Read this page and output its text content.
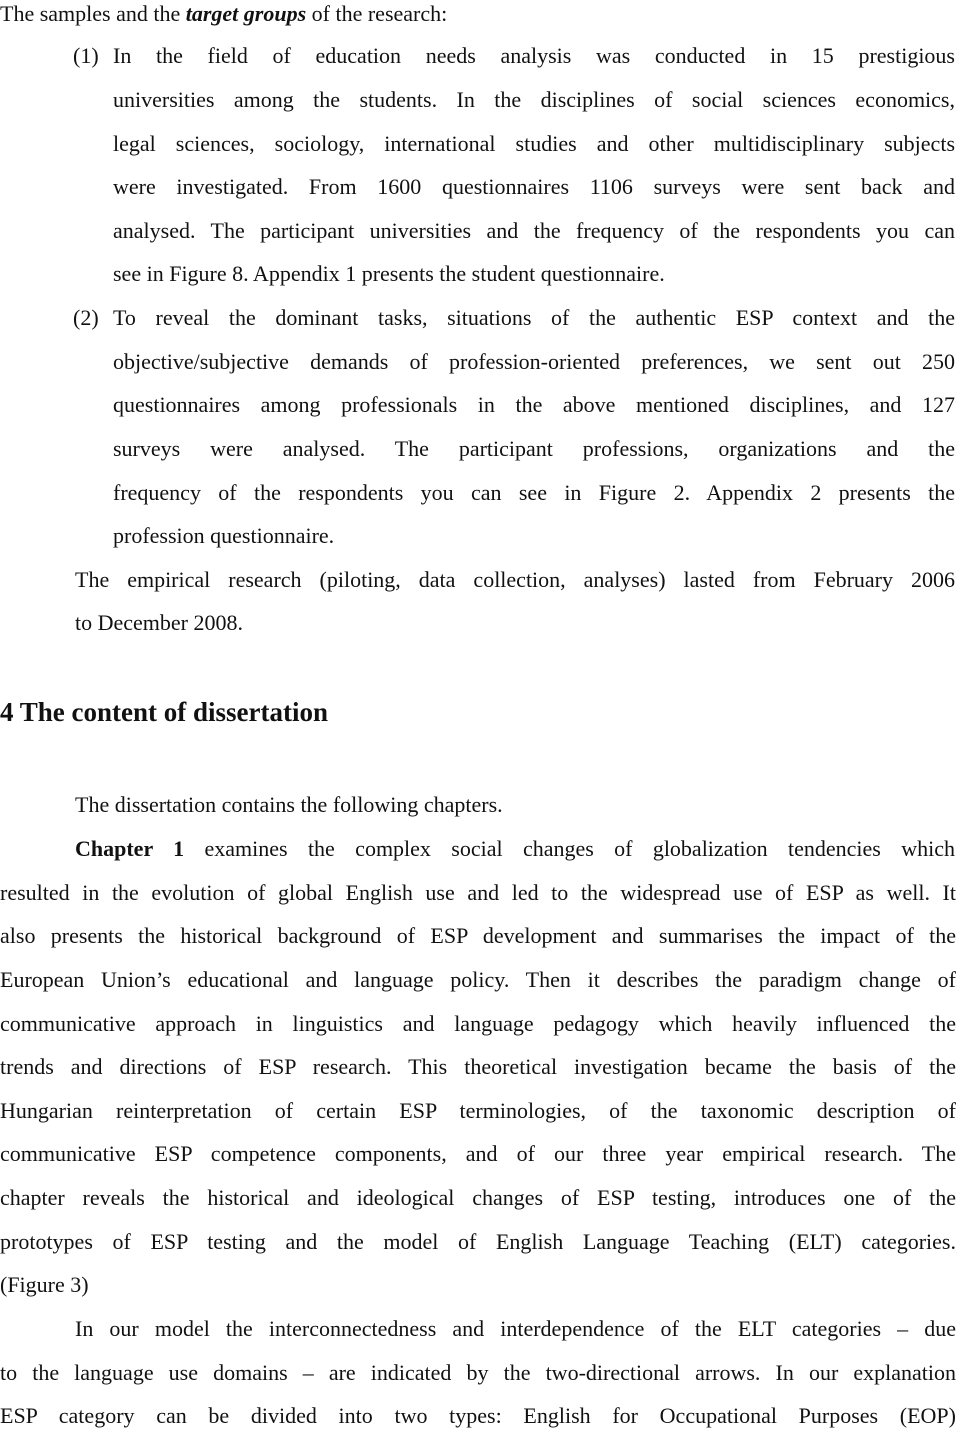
The samples and the target groups of the research:
(1) In the field of education needs analysis was conducted in 15 prestigious
universities among the students. In the disciplines of social sciences economics,
legal sciences, sociology, international studies and other multidisciplinary subjects
were investigated. From 1600 questionnaires 1106 surveys were sent back and
analysed. The participant universities and the frequency of the respondents you can
see in Figure 8. Appendix 1 presents the student questionnaire.
(2) To reveal the dominant tasks, situations of the authentic ESP context and the
objective/subjective demands of profession-oriented preferences, we sent out 250
questionnaires among professionals in the above mentioned disciplines, and 127
surveys were analysed. The participant professions, organizations and the
frequency of the respondents you can see in Figure 2. Appendix 2 presents the
profession questionnaire.
The empirical research (piloting, data collection, analyses) lasted from February 2006
to December 2008.
4 The content of dissertation
The dissertation contains the following chapters.
Chapter 1 examines the complex social changes of globalization tendencies which
resulted in the evolution of global English use and led to the widespread use of ESP as well. It
also presents the historical background of ESP development and summarises the impact of the
European Union’s educational and language policy. Then it describes the paradigm change of
communicative approach in linguistics and language pedagogy which heavily influenced the
trends and directions of ESP research. This theoretical investigation became the basis of the
Hungarian reinterpretation of certain ESP terminologies, of the taxonomic description of
communicative ESP competence components, and of our three year empirical research. The
chapter reveals the historical and ideological changes of ESP testing, introduces one of the
prototypes of ESP testing and the model of English Language Teaching (ELT) categories.
(Figure 3)
In our model the interconnectedness and interdependence of the ELT categories – due
to the language use domains – are indicated by the two-directional arrows. In our explanation
ESP category can be divided into two types: English for Occupational Purposes (EOP)
